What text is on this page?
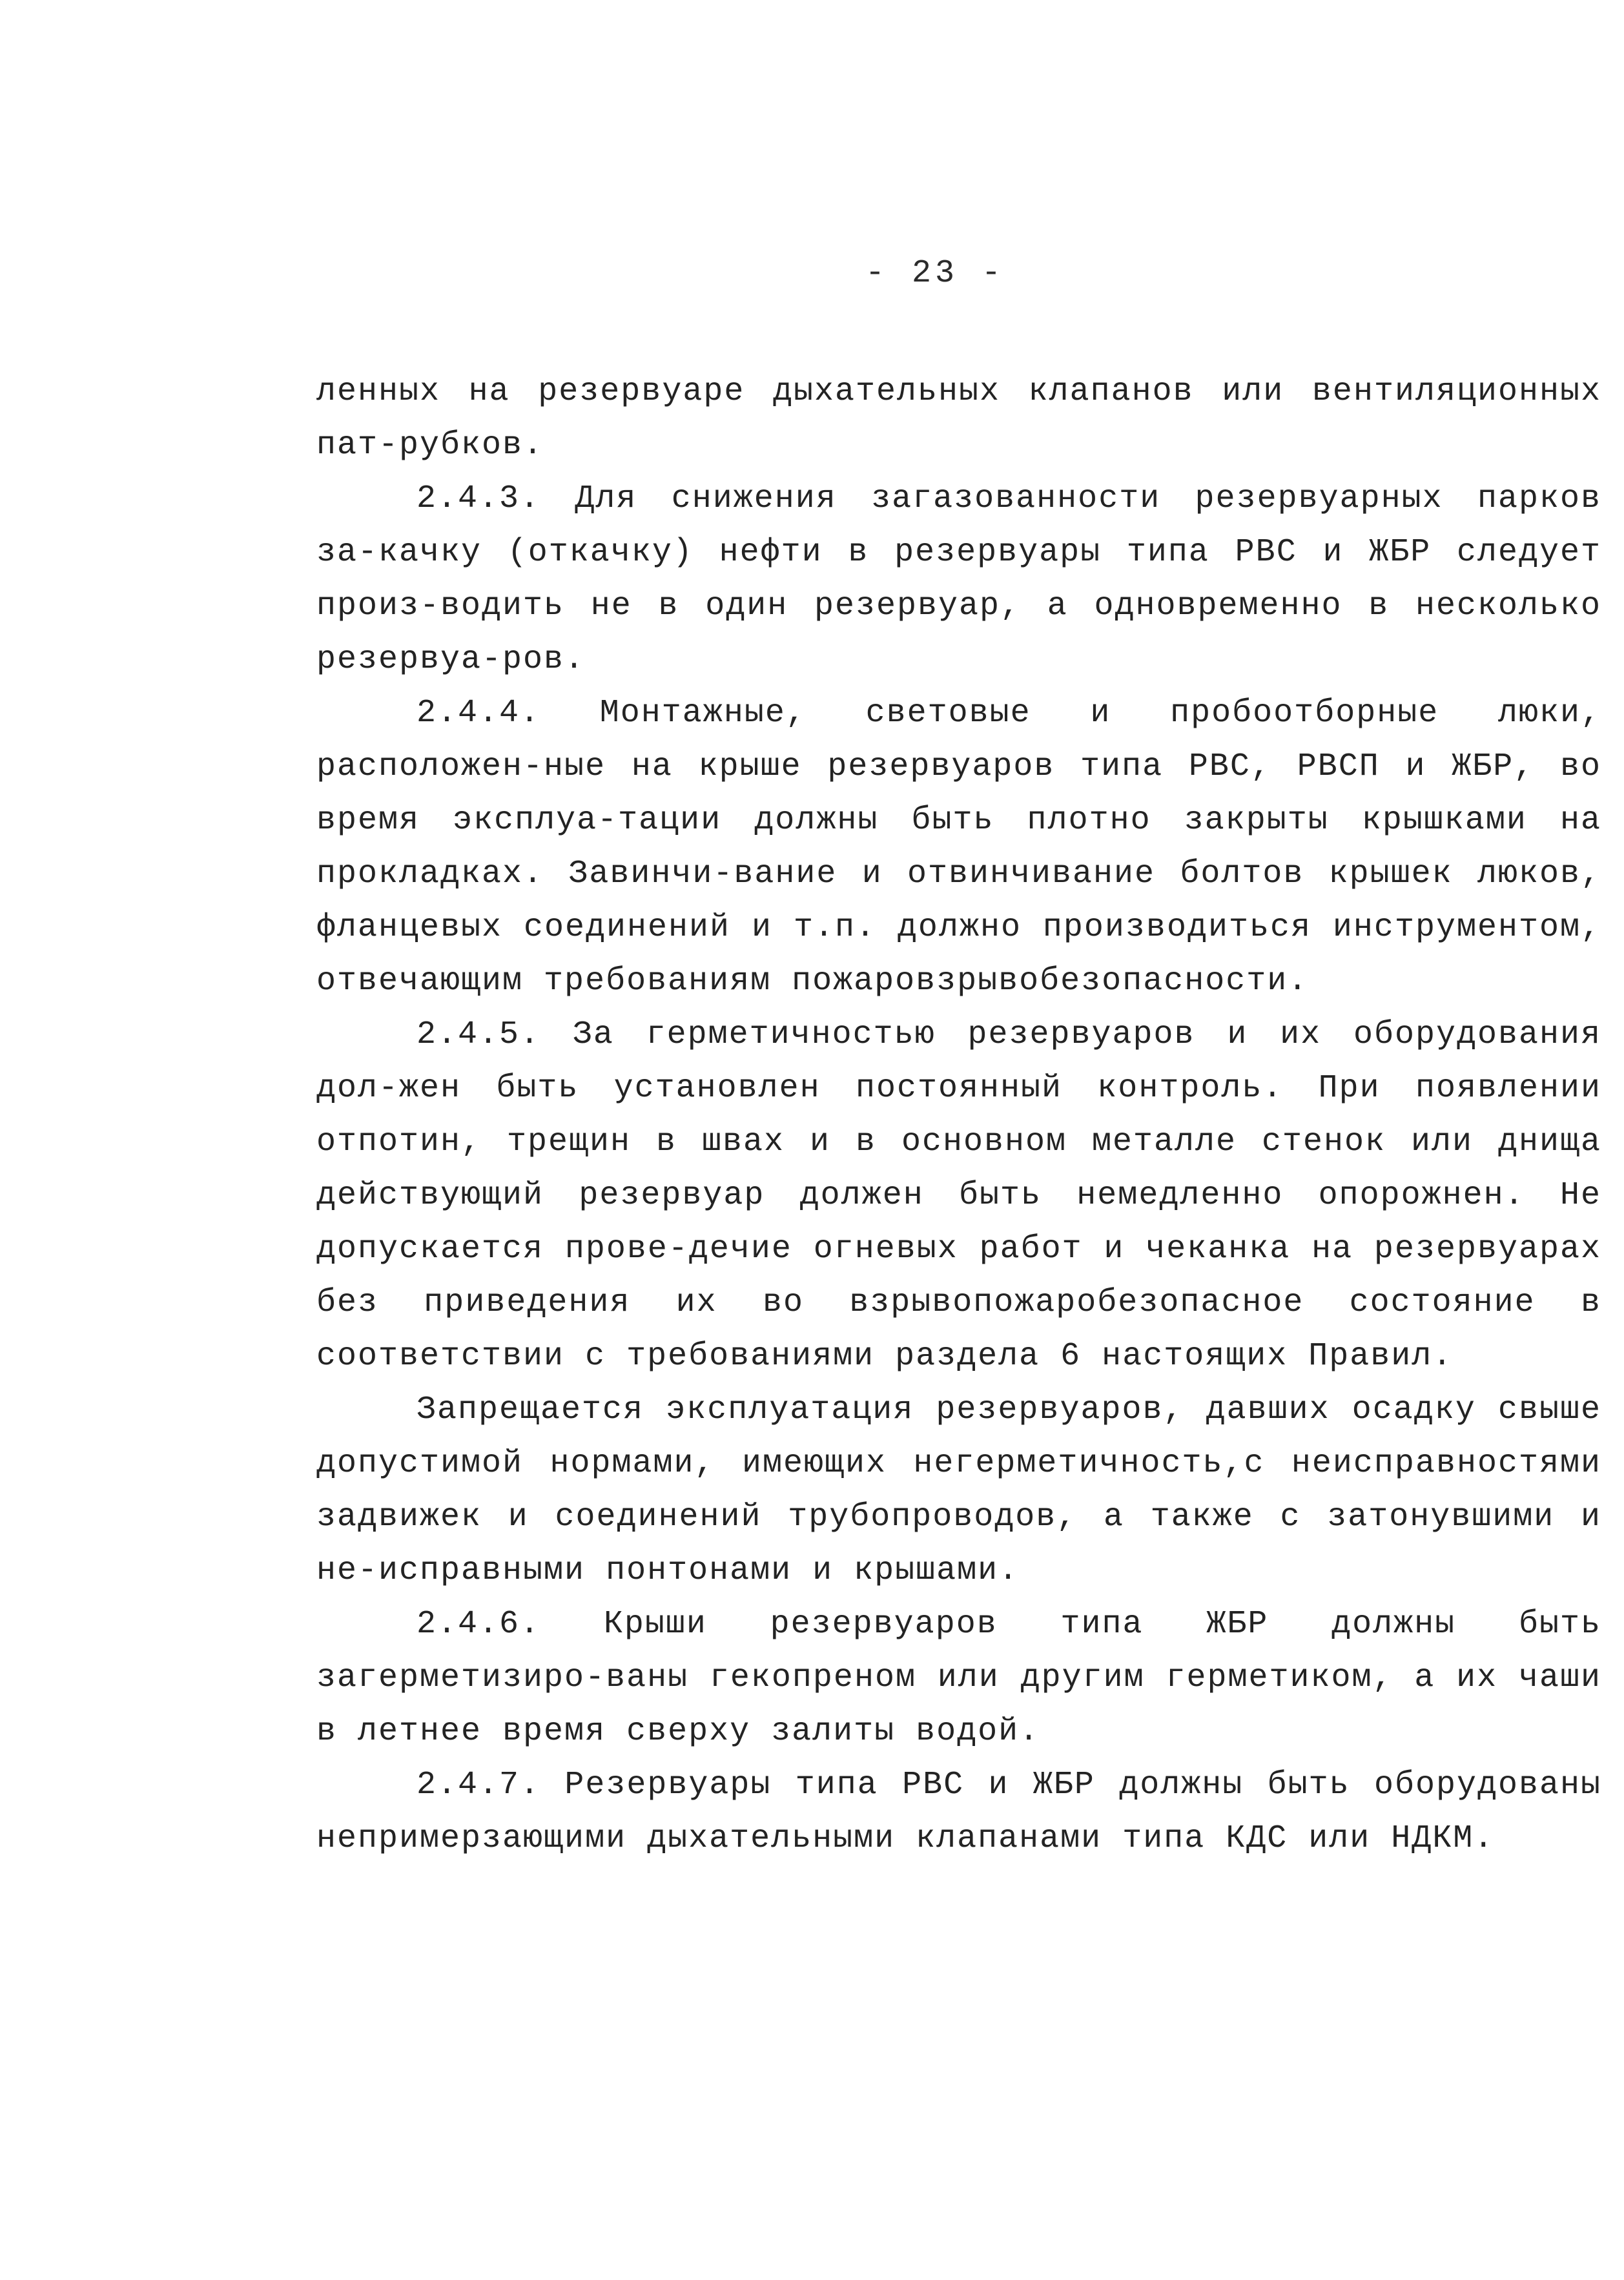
- 23 -

ленных на резервуаре дыхательных клапанов или вентиляционных пат-рубков.

2.4.3. Для снижения загазованности резервуарных парков за-качку (откачку) нефти в резервуары типа РВС и ЖБР следует произ-водить не в один резервуар, а одновременно в несколько резервуа-ров.

2.4.4. Монтажные, световые и пробоотборные люки, расположен-ные на крыше резервуаров типа РВС, РВСП и ЖБР, во время эксплуа-тации должны быть плотно закрыты крышками на прокладках. Завинчи-вание и отвинчивание болтов крышек люков, фланцевых соединений и т.п. должно производиться инструментом, отвечающим требованиям пожаровзрывобезопасности.

2.4.5. За герметичностью резервуаров и их оборудования дол-жен быть установлен постоянный контроль. При появлении отпотин, трещин в швах и в основном металле стенок или днища действующий резервуар должен быть немедленно опорожнен. Не допускается прове-дечие огневых работ и чеканка на резервуарах без приведения их во взрывопожаробезопасное состояние в соответствии с требованиями раздела 6 настоящих Правил.

Запрещается эксплуатация резервуаров, давших осадку свыше допустимой нормами, имеющих негерметичность,с неисправностями задвижек и соединений трубопроводов, а также с затонувшими и не-исправными понтонами и крышами.

2.4.6. Крыши резервуаров типа ЖБР должны быть загерметизиро-ваны гекопреном или другим герметиком, а их чаши в летнее время сверху залиты водой.

2.4.7. Резервуары типа РВС и ЖБР должны быть оборудованы непримерзающими дыхательными клапанами типа КДС или НДКМ.
